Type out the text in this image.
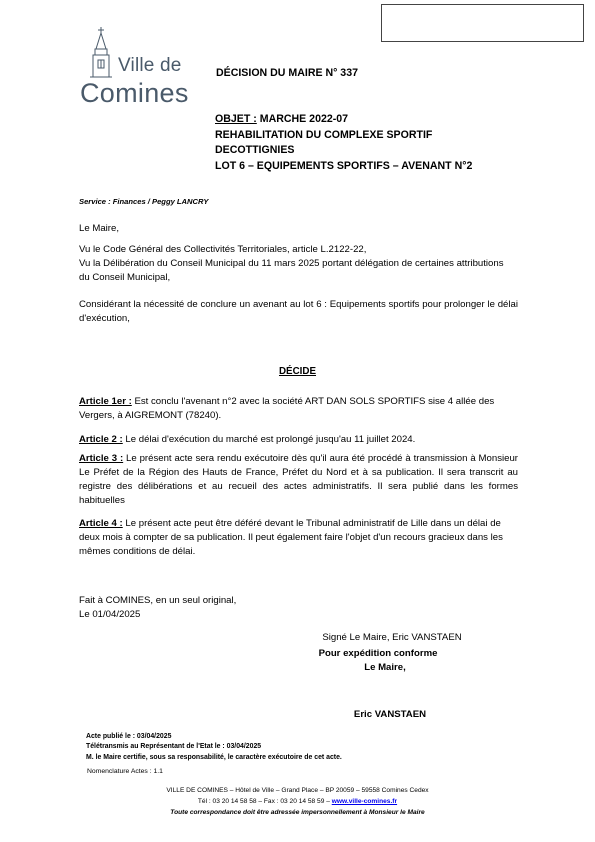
Ville de
Comines
DÉCISION DU MAIRE N° 337
OBJET : MARCHE 2022-07
REHABILITATION DU COMPLEXE SPORTIF
DECOTTIGNIES
LOT 6 – EQUIPEMENTS SPORTIFS – AVENANT N°2
Service : Finances / Peggy LANCRY
Le Maire,
Vu le Code Général des Collectivités Territoriales, article L.2122-22,
Vu la Délibération du Conseil Municipal du 11 mars 2025 portant délégation de certaines attributions du Conseil Municipal,
Considérant la nécessité de conclure un avenant au lot 6 : Equipements sportifs pour prolonger le délai d'exécution,
DÉCIDE
Article 1er : Est conclu l'avenant n°2 avec la société ART DAN SOLS SPORTIFS sise 4 allée des Vergers, à AIGREMONT (78240).
Article 2 : Le délai d'exécution du marché est prolongé jusqu'au 11 juillet 2024.
Article 3 : Le présent acte sera rendu exécutoire dès qu'il aura été procédé à transmission à Monsieur Le Préfet de la Région des Hauts de France, Préfet du Nord et à sa publication. Il sera transcrit au registre des délibérations et au recueil des actes administratifs. Il sera publié dans les formes habituelles
Article 4 : Le présent acte peut être déféré devant le Tribunal administratif de Lille dans un délai de deux mois à compter de sa publication. Il peut également faire l'objet d'un recours gracieux dans les mêmes conditions de délai.
Fait à COMINES, en un seul original,
Le 01/04/2025
Signé Le Maire, Eric VANSTAEN
Pour expédition conforme
Le Maire,
Eric VANSTAEN
Acte publié le : 03/04/2025
Télétransmis au Représentant de l'Etat le : 03/04/2025
M. le Maire certifie, sous sa responsabilité, le caractère exécutoire de cet acte.
Nomenclature Actes : 1.1
VILLE DE COMINES – Hôtel de Ville – Grand Place – BP 20059 – 59558 Comines Cedex
Tél : 03 20 14 58 58 – Fax : 03 20 14 58 59 – www.ville-comines.fr
Toute correspondance doit être adressée impersonnellement à Monsieur le Maire
